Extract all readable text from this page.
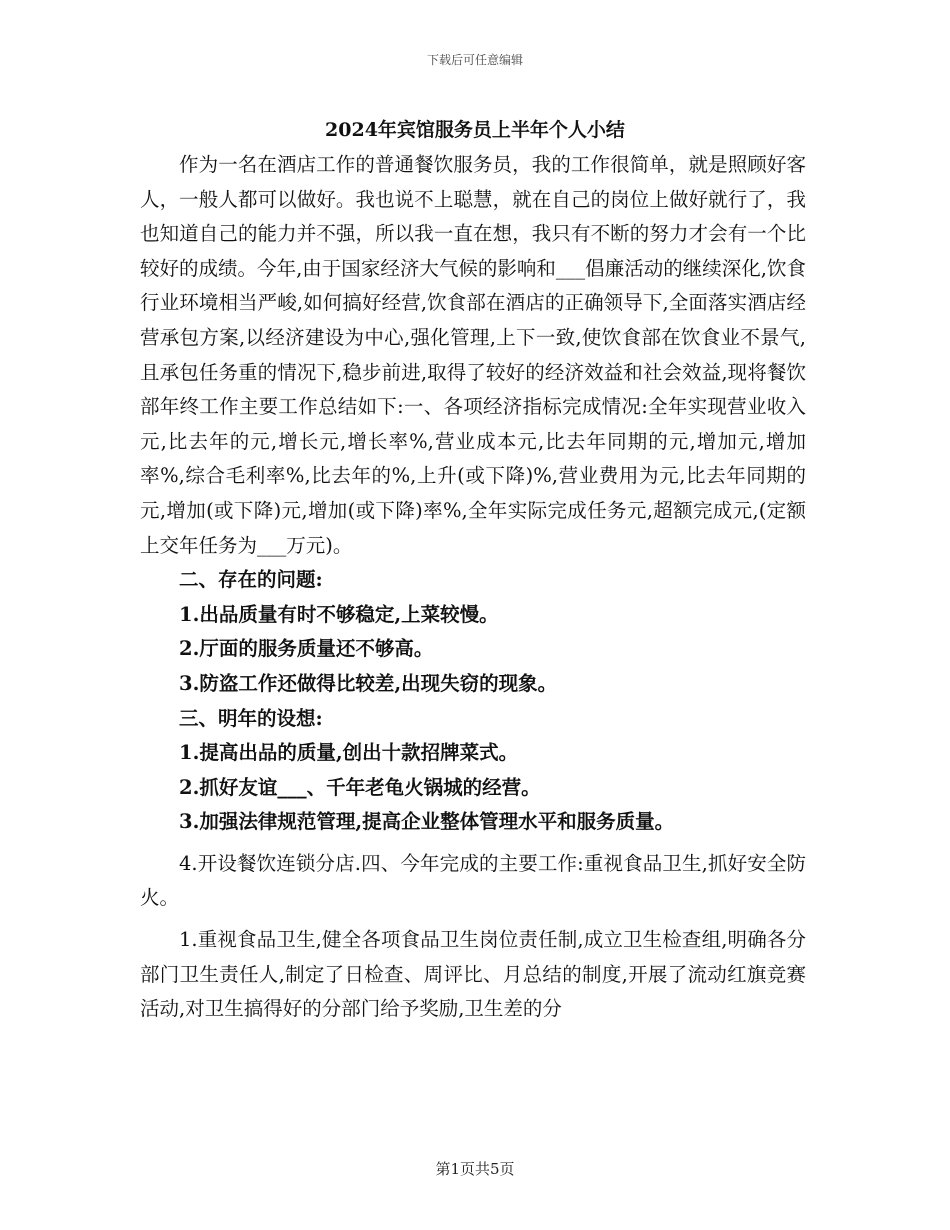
下载后可任意编辑
2024年宾馆服务员上半年个人小结

作为一名在酒店工作的普通餐饮服务员，我的工作很简单，就是照顾好客人，一般人都可以做好。我也说不上聪慧，就在自己的岗位上做好就行了，我也知道自己的能力并不强，所以我一直在想，我只有不断的努力才会有一个比较好的成绩。今年,由于国家经济大气候的影响和___倡廉活动的继续深化,饮食行业环境相当严峻,如何搞好经营,饮食部在酒店的正确领导下,全面落实酒店经营承包方案,以经济建设为中心,强化管理,上下一致,使饮食部在饮食业不景气,且承包任务重的情况下,稳步前进,取得了较好的经济效益和社会效益,现将餐饮部年终工作主要工作总结如下:一、各项经济指标完成情况:全年实现营业收入元,比去年的元,增长元,增长率%,营业成本元,比去年同期的元,增加元,增加率%,综合毛利率%,比去年的%,上升(或下降)%,营业费用为元,比去年同期的元,增加(或下降)元,增加(或下降)率%,全年实际完成任务元,超额完成元,(定额上交年任务为___万元)。

二、存在的问题:

1.出品质量有时不够稳定,上菜较慢。

2.厅面的服务质量还不够高。

3.防盗工作还做得比较差,出现失窃的现象。

三、明年的设想:

1.提高出品的质量,创出十款招牌菜式。

2.抓好友谊___、千年老龟火锅城的经营。

3.加强法律规范管理,提高企业整体管理水平和服务质量。

4.开设餐饮连锁分店.四、今年完成的主要工作:重视食品卫生,抓好安全防火。

1.重视食品卫生,健全各项食品卫生岗位责任制,成立卫生检查组,明确各分部门卫生责任人,制定了日检查、周评比、月总结的制度,开展了流动红旗竞赛活动,对卫生搞得好的分部门给予奖励,卫生差的分

第1页共5页
